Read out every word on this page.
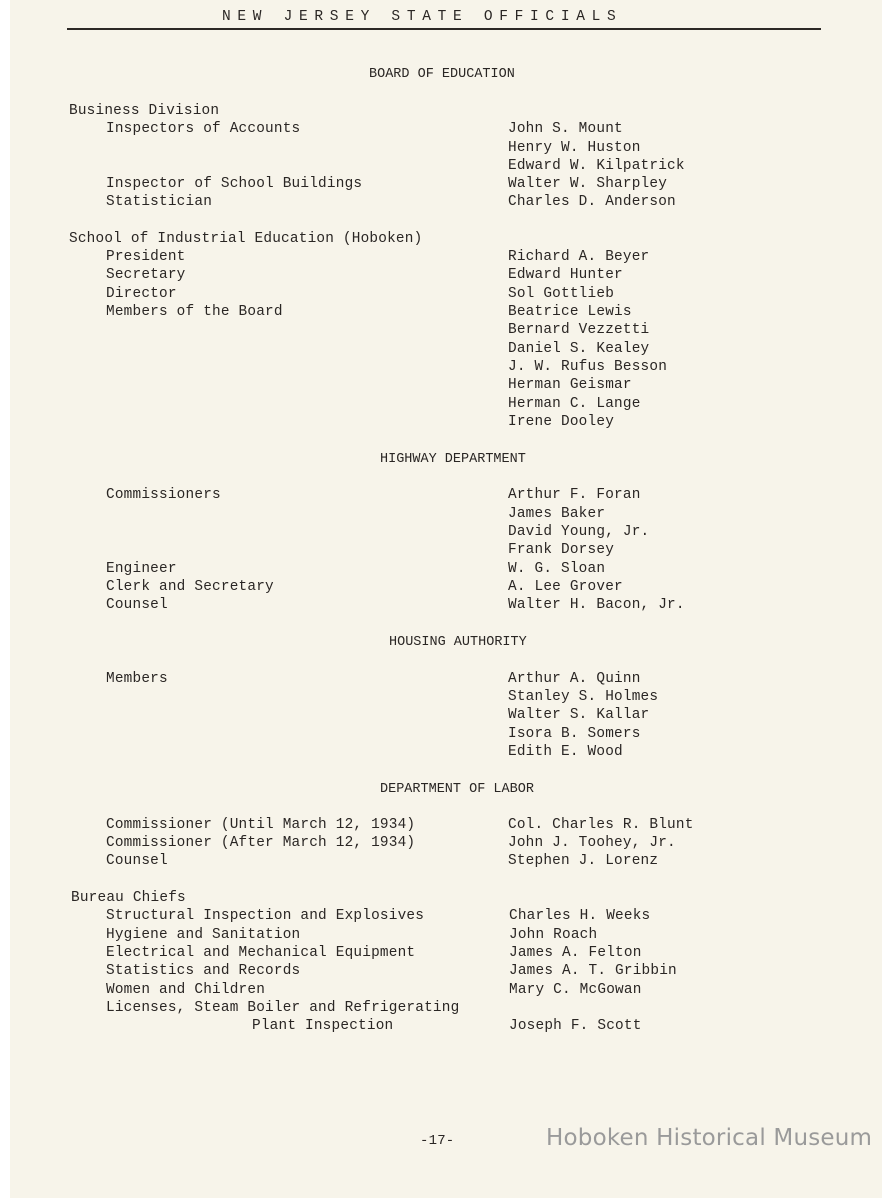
NEW JERSEY STATE OFFICIALS
BOARD OF EDUCATION
Business Division
Inspectors of Accounts	John S. Mount
Henry W. Huston
Edward W. Kilpatrick
Inspector of School Buildings	Walter W. Sharpley
Statistician	Charles D. Anderson
School of Industrial Education (Hoboken)
President	Richard A. Beyer
Secretary	Edward Hunter
Director	Sol Gottlieb
Members of the Board	Beatrice Lewis
Bernard Vezzetti
Daniel S. Kealey
J. W. Rufus Besson
Herman Geismar
Herman C. Lange
Irene Dooley
HIGHWAY DEPARTMENT
Commissioners	Arthur F. Foran
James Baker
David Young, Jr.
Frank Dorsey
Engineer	W. G. Sloan
Clerk and Secretary	A. Lee Grover
Counsel	Walter H. Bacon, Jr.
HOUSING AUTHORITY
Members	Arthur A. Quinn
Stanley S. Holmes
Walter S. Kallar
Isora B. Somers
Edith E. Wood
DEPARTMENT OF LABOR
Commissioner (Until March 12, 1934)	Col. Charles R. Blunt
Commissioner (After March 12, 1934)	John J. Toohey, Jr.
Counsel	Stephen J. Lorenz
Bureau Chiefs
Structural Inspection and Explosives	Charles H. Weeks
Hygiene and Sanitation	John Roach
Electrical and Mechanical Equipment	James A. Felton
Statistics and Records	James A. T. Gribbin
Women and Children	Mary C. McGowan
Licenses, Steam Boiler and Refrigerating
Plant Inspection	Joseph F. Scott
-17-	Hoboken Historical Museum
